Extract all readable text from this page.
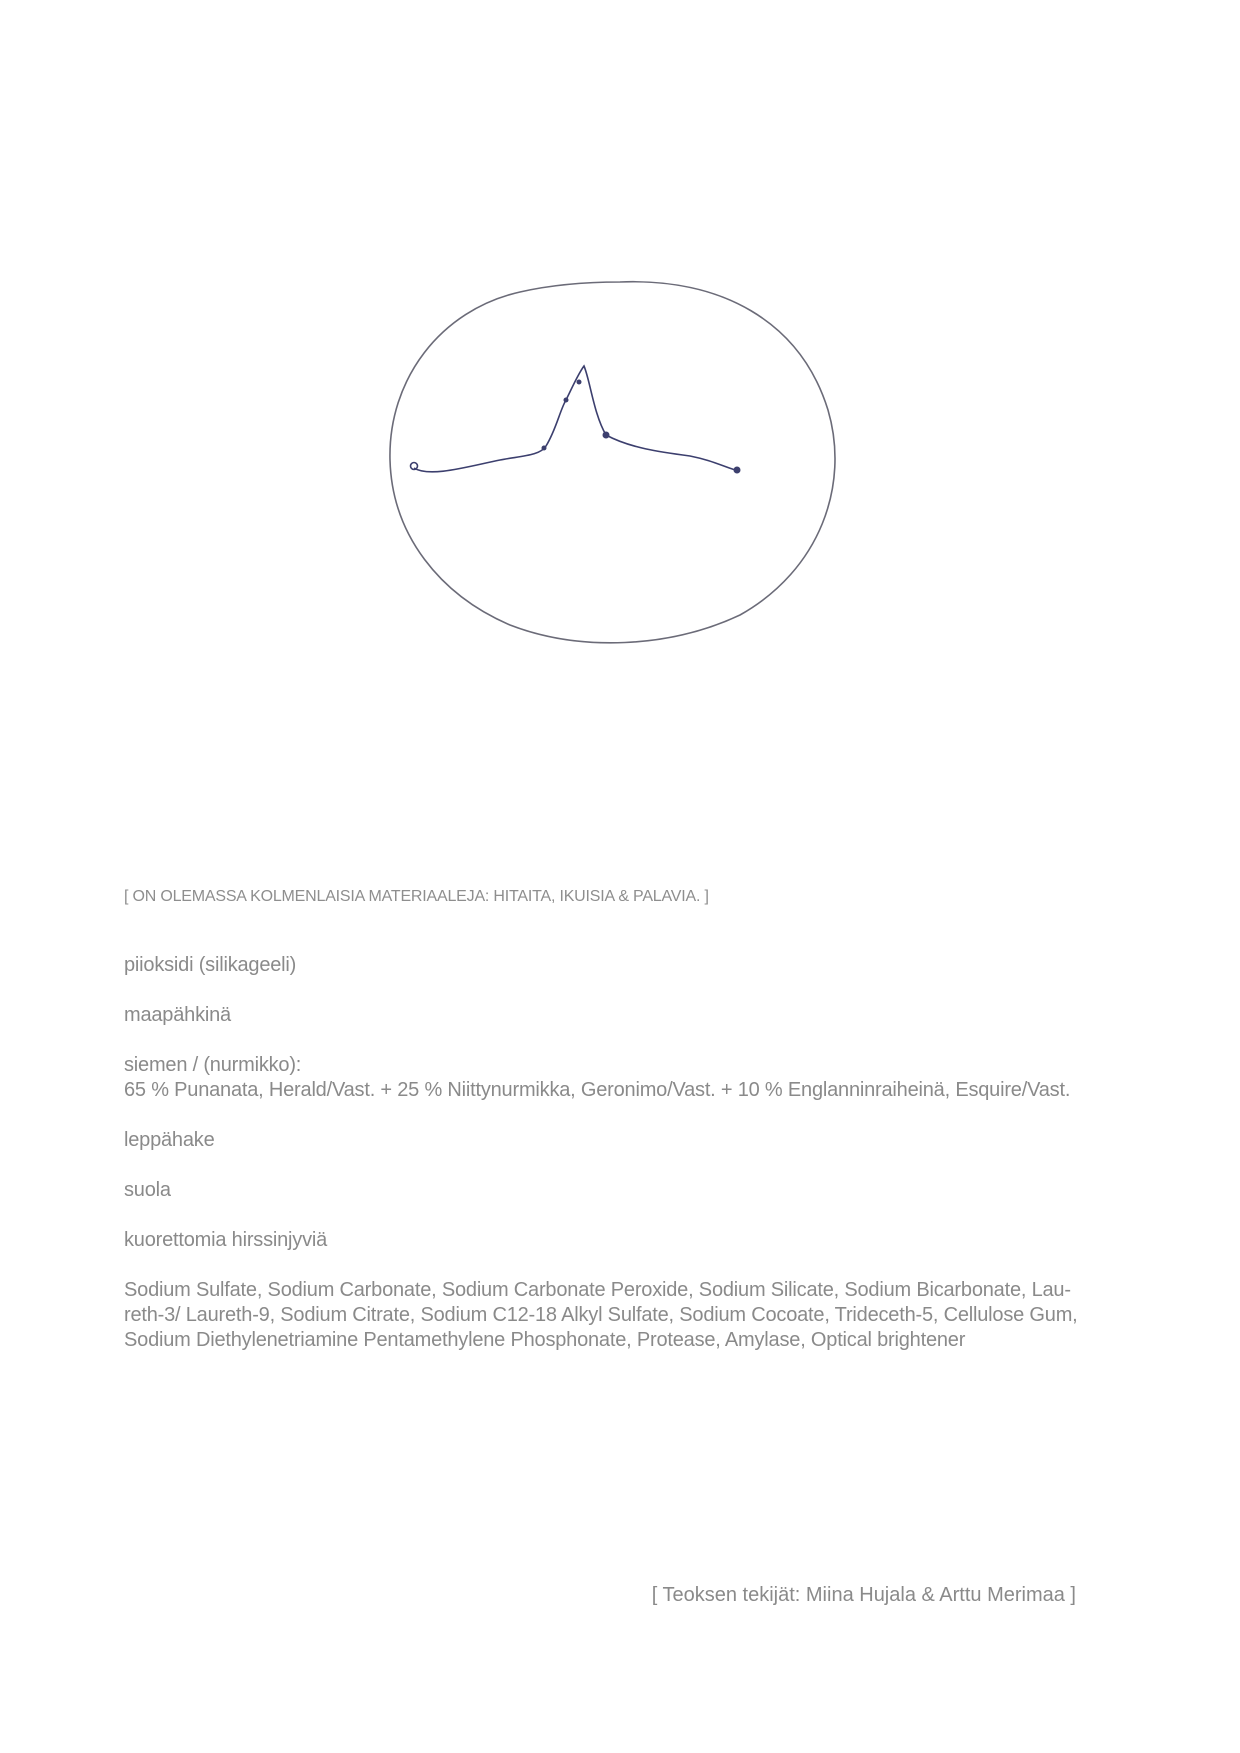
[ ON OLEMASSA KOLMENLAISIA MATERIAALEJA: HITAITA, IKUISIA & PALAVIA. ]
piioksidi (silikageeli)
maapähkinä
siemen / (nurmikko):
65 % Punanata, Herald/Vast. + 25 % Niittynurmikka, Geronimo/Vast. + 10 % Englanninraiheinä, Esquire/Vast.
leppähake
suola
kuorettomia hirssinjyviä
Sodium Sulfate, Sodium Carbonate, Sodium Carbonate Peroxide, Sodium Silicate, Sodium Bicarbonate, Lau-
reth-3/ Laureth-9, Sodium Citrate, Sodium C12-18 Alkyl Sulfate, Sodium Cocoate, Trideceth-5, Cellulose Gum,
Sodium Diethylenetriamine Pentamethylene Phosphonate, Protease, Amylase, Optical brightener
[ Teoksen tekijät: Miina Hujala & Arttu Merimaa ]
